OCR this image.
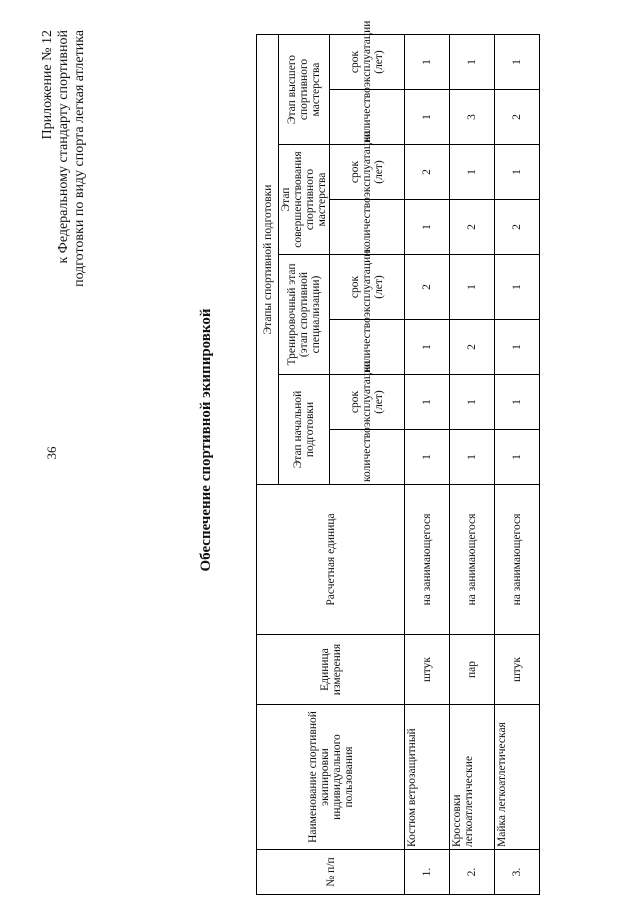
36
Приложение № 12 к Федеральному стандарту спортивной подготовки по виду спорта легкая атлетика
Обеспечение спортивной экипировкой
№ п/п	Наименование спортивной экипировки индивидуального пользования	Единица измерения	Расчетная единица	Этапы спортивной подготовки							
				Этап начальной подготовки		Тренировочный этап (этап спортивной специализации)		Этап совершенствования спортивного мастерства		Этап высшего спортивного мастерства	
				количество	срок эксплуатации (лет)	количество	срок эксплуатации (лет)	количество	срок эксплуатации (лет)	количество	срок эксплуатации (лет)
1.	Костюм ветрозащитный	штук	на занимающегося	1	1	1	2	1	2	1	1
2.	Кроссовки легкоатлетические	пар	на занимающегося	1	1	2	1	2	1	3	1
3.	Майка легкоатлетическая	штук	на занимающегося	1	1	1	1	2	1	2	1
